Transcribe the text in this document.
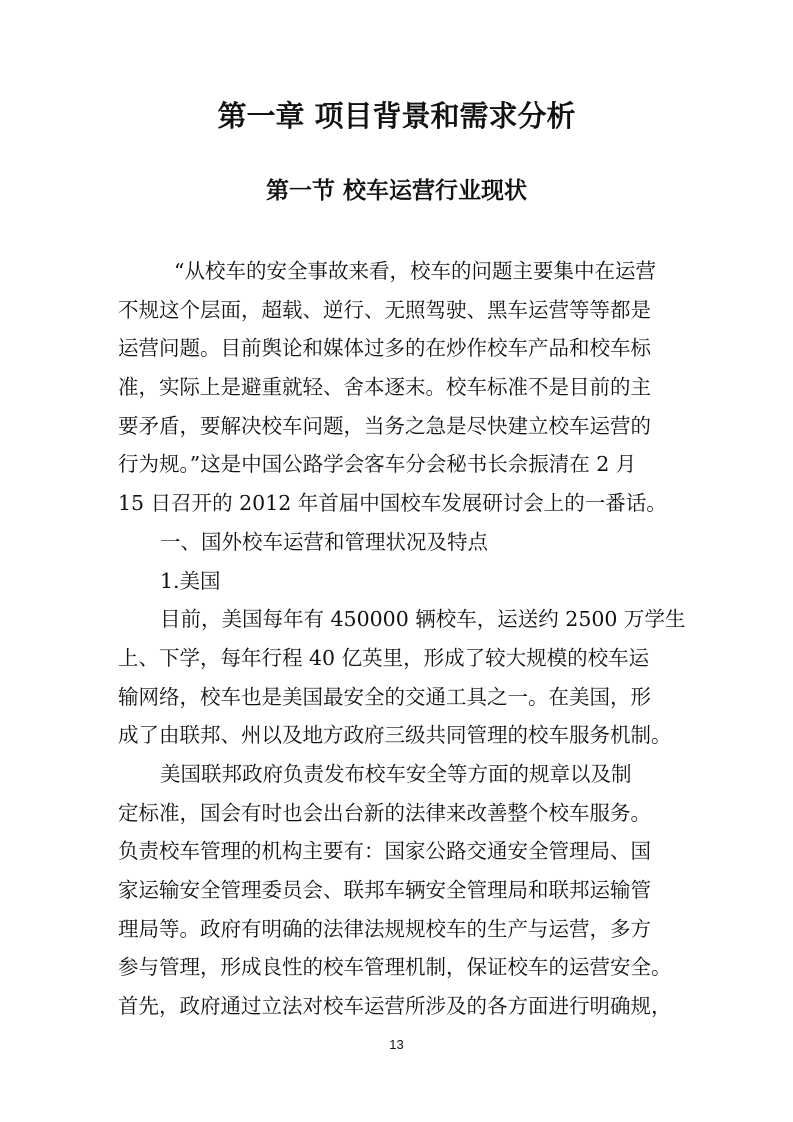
第一章 项目背景和需求分析
第一节 校车运营行业现状
“从校车的安全事故来看，校车的问题主要集中在运营
不规这个层面，超载、逆行、无照驾驶、黑车运营等等都是
运营问题。目前舆论和媒体过多的在炒作校车产品和校车标
准，实际上是避重就轻、舍本逐末。校车标准不是目前的主
要矛盾，要解决校车问题，当务之急是尽快建立校车运营的
行为规。”这是中国公路学会客车分会秘书长佘振清在 2 月
15 日召开的 2012 年首届中国校车发展研讨会上的一番话。
一、国外校车运营和管理状况及特点
1.美国
目前，美国每年有 450000 辆校车，运送约 2500 万学生
上、下学，每年行程 40 亿英里，形成了较大规模的校车运
输网络，校车也是美国最安全的交通工具之一。在美国，形
成了由联邦、州以及地方政府三级共同管理的校车服务机制。
美国联邦政府负责发布校车安全等方面的规章以及制
定标准，国会有时也会出台新的法律来改善整个校车服务。
负责校车管理的机构主要有：国家公路交通安全管理局、国
家运输安全管理委员会、联邦车辆安全管理局和联邦运输管
理局等。政府有明确的法律法规规校车的生产与运营，多方
参与管理，形成良性的校车管理机制，保证校车的运营安全。
首先，政府通过立法对校车运营所涉及的各方面进行明确规，
13
